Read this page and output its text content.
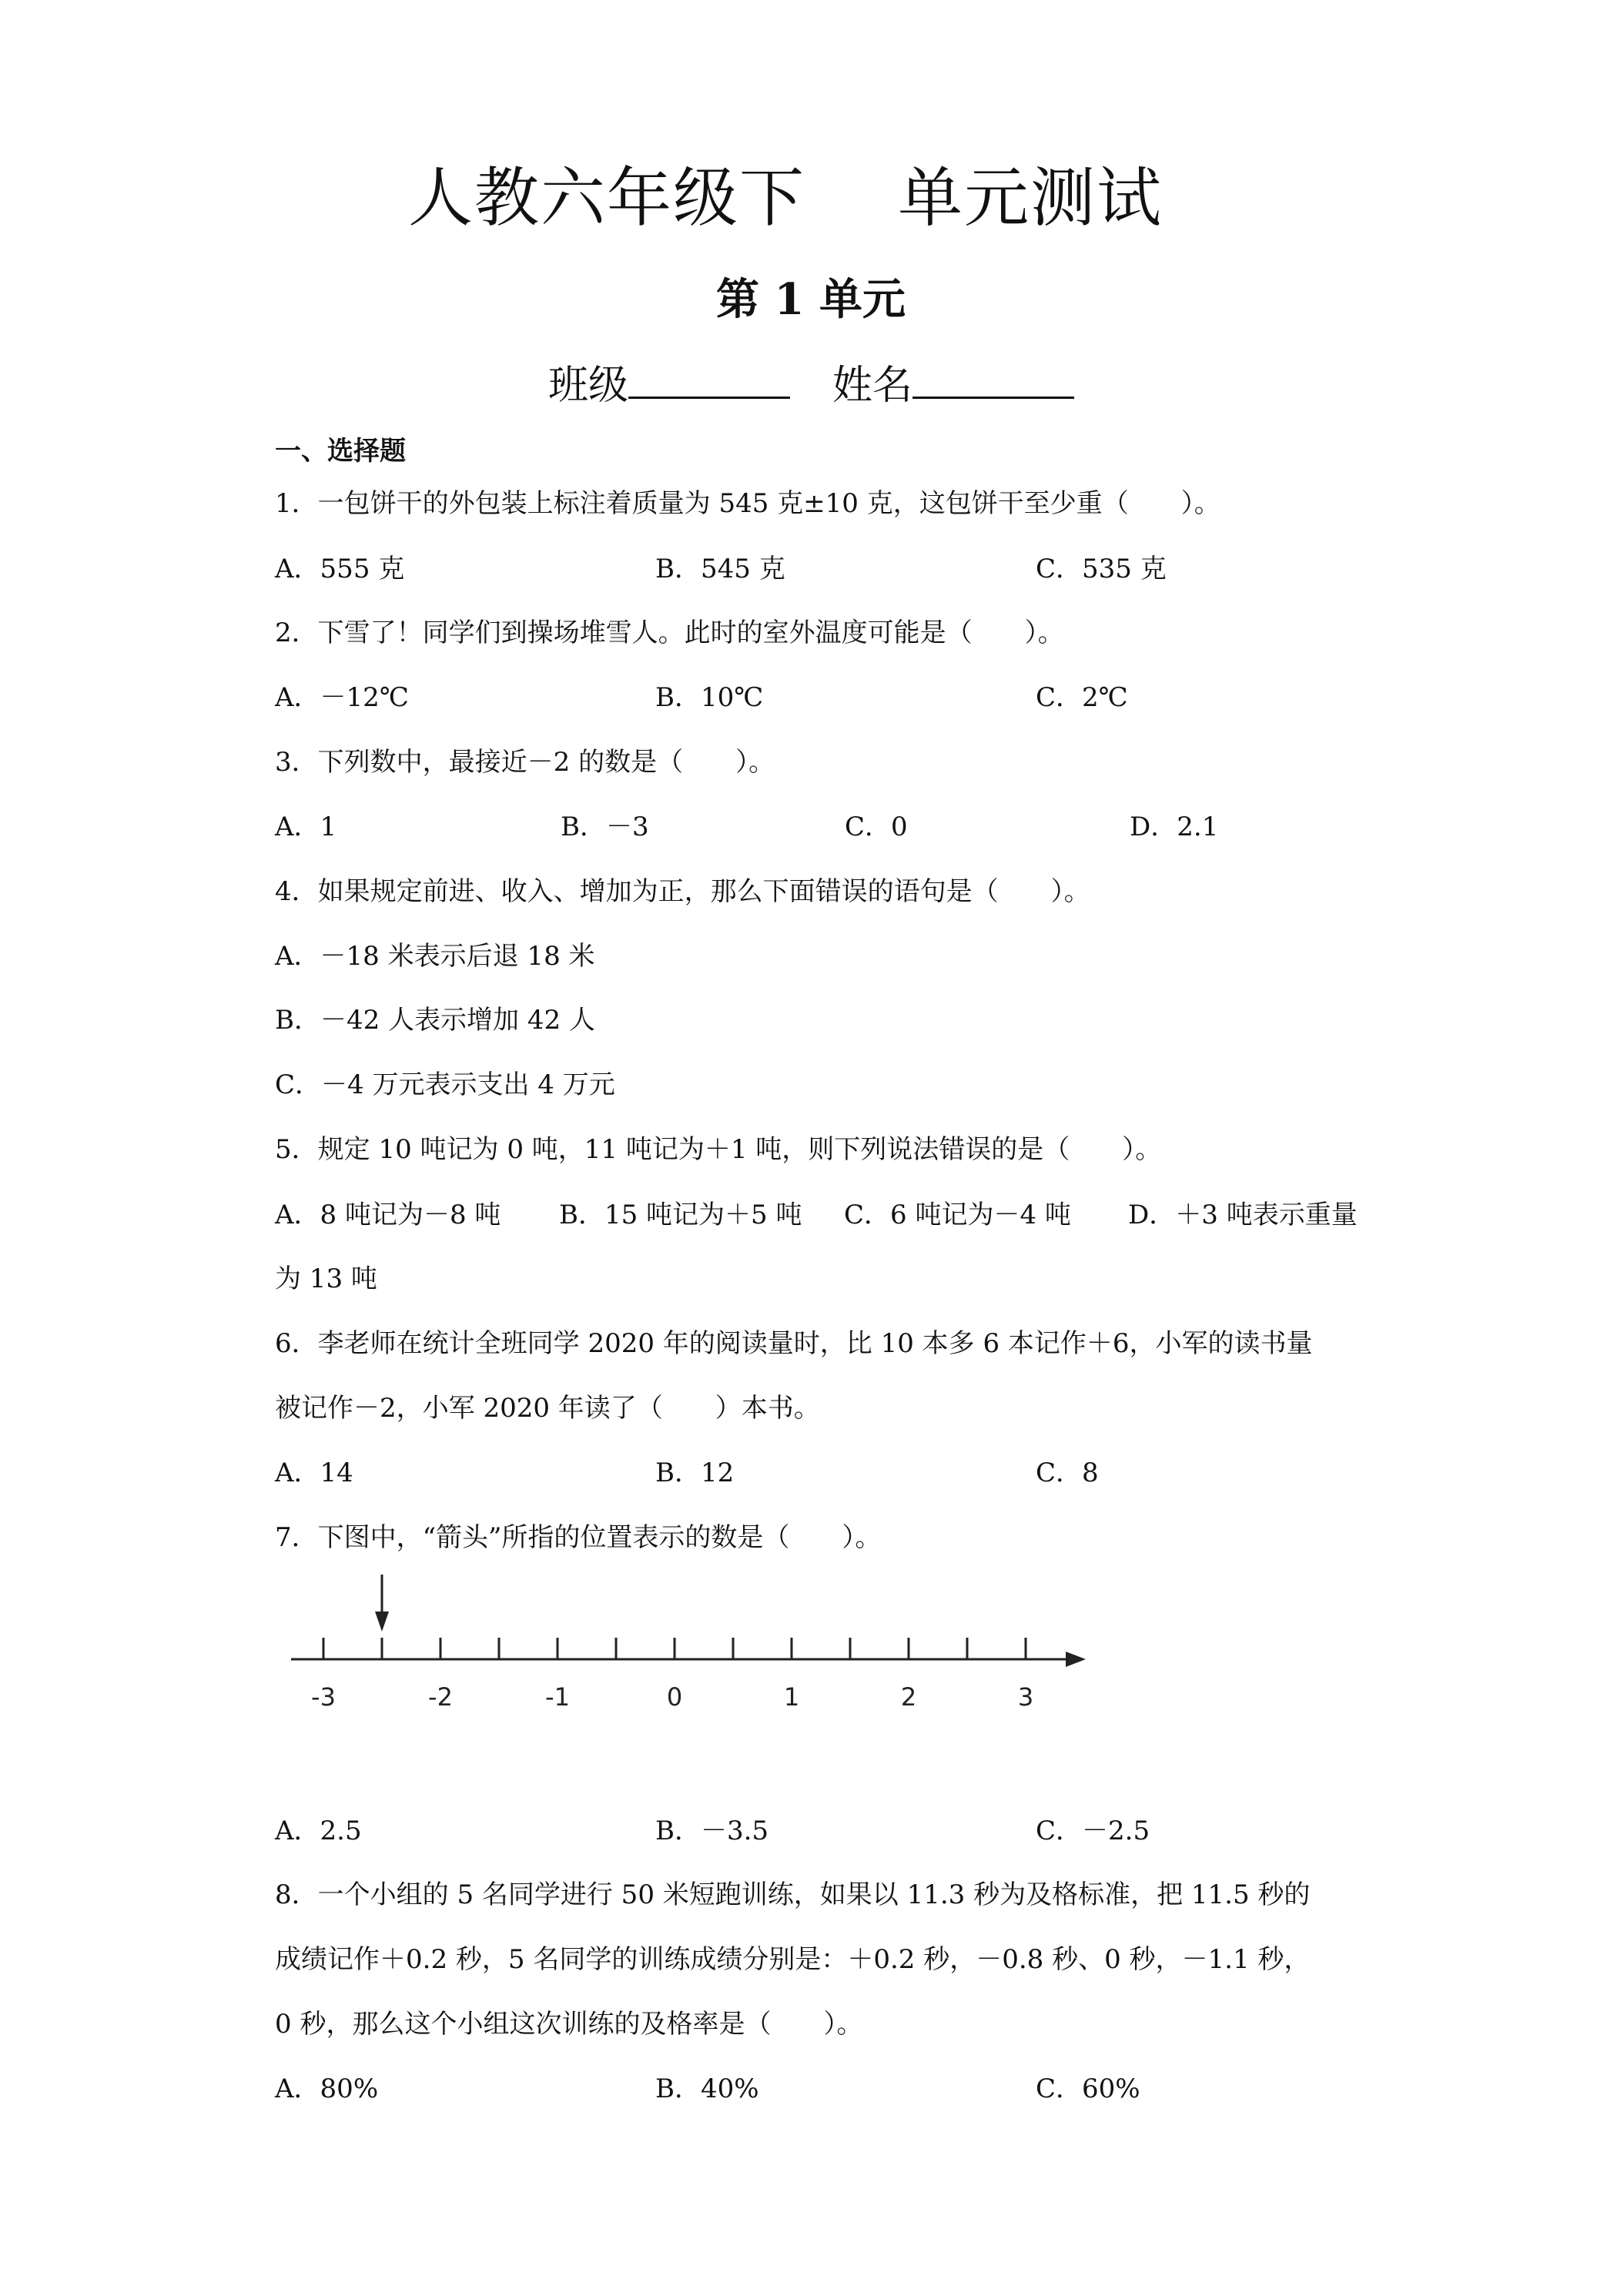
人教六年级下 单元测试
第 1 单元
班级	姓名
一、选择题
1．一包饼干的外包装上标注着质量为 545 克±10 克，这包饼干至少重（　　）。
A．555 克	B．545 克	C．535 克
2．下雪了！同学们到操场堆雪人。此时的室外温度可能是（　　）。
A．－12℃	B．10℃	C．2℃
3．下列数中，最接近－2 的数是（　　）。
A．1	B．－3	C．0	D．2.1
4．如果规定前进、收入、增加为正，那么下面错误的语句是（　　）。
A．－18 米表示后退 18 米
B．－42 人表示增加 42 人
C．－4 万元表示支出 4 万元
5．规定 10 吨记为 0 吨，11 吨记为＋1 吨，则下列说法错误的是（　　）。
A．8 吨记为－8 吨 B．15 吨记为＋5 吨 C．6 吨记为－4 吨 D．＋3 吨表示重量
为 13 吨
6．李老师在统计全班同学 2020 年的阅读量时，比 10 本多 6 本记作＋6，小军的读书量
被记作－2，小军 2020 年读了（　　）本书。
A．14	B．12	C．8
7．下图中，“箭头”所指的位置表示的数是（　　）。
-3	-2	-1	0	1	2	3
A．2.5	B．－3.5	C．－2.5
8．一个小组的 5 名同学进行 50 米短跑训练，如果以 11.3 秒为及格标准，把 11.5 秒的
成绩记作＋0.2 秒，5 名同学的训练成绩分别是：＋0.2 秒，－0.8 秒、0 秒，－1.1 秒，
0 秒，那么这个小组这次训练的及格率是（　　）。
A．80%	B．40%	C．60%
